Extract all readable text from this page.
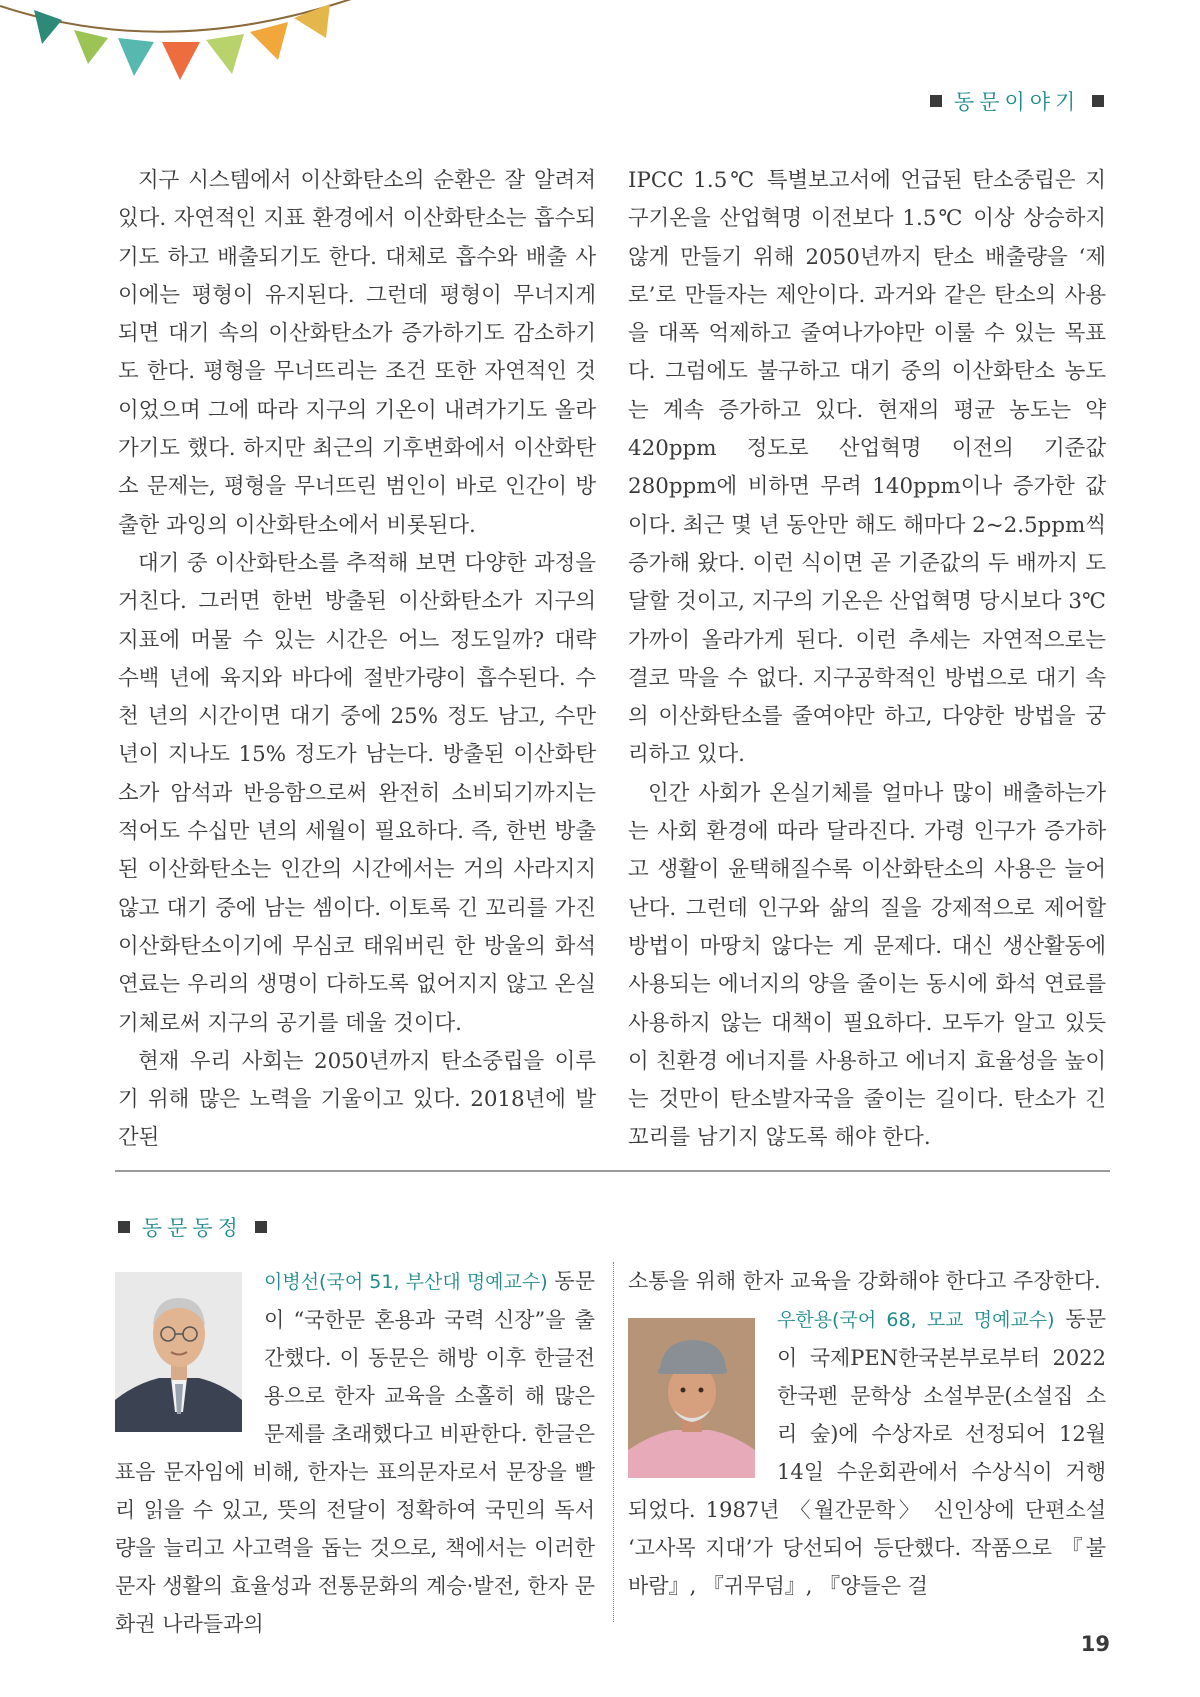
동문이야기

지구 시스템에서 이산화탄소의 순환은 잘 알려져 있다. 자연적인 지표 환경에서 이산화탄소는 흡수되기도 하고 배출되기도 한다. 대체로 흡수와 배출 사이에는 평형이 유지된다. 그런데 평형이 무너지게 되면 대기 속의 이산화탄소가 증가하기도 감소하기도 한다. 평형을 무너뜨리는 조건 또한 자연적인 것이었으며 그에 따라 지구의 기온이 내려가기도 올라가기도 했다. 하지만 최근의 기후변화에서 이산화탄소 문제는, 평형을 무너뜨린 범인이 바로 인간이 방출한 과잉의 이산화탄소에서 비롯된다.

대기 중 이산화탄소를 추적해 보면 다양한 과정을 거친다. 그러면 한번 방출된 이산화탄소가 지구의 지표에 머물 수 있는 시간은 어느 정도일까? 대략 수백 년에 육지와 바다에 절반가량이 흡수된다. 수천 년의 시간이면 대기 중에 25% 정도 남고, 수만 년이 지나도 15% 정도가 남는다. 방출된 이산화탄소가 암석과 반응함으로써 완전히 소비되기까지는 적어도 수십만 년의 세월이 필요하다. 즉, 한번 방출된 이산화탄소는 인간의 시간에서는 거의 사라지지 않고 대기 중에 남는 셈이다. 이토록 긴 꼬리를 가진 이산화탄소이기에 무심코 태워버린 한 방울의 화석연료는 우리의 생명이 다하도록 없어지지 않고 온실기체로써 지구의 공기를 데울 것이다.

현재 우리 사회는 2050년까지 탄소중립을 이루기 위해 많은 노력을 기울이고 있다. 2018년에 발간된

IPCC 1.5℃ 특별보고서에 언급된 탄소중립은 지구기온을 산업혁명 이전보다 1.5℃ 이상 상승하지 않게 만들기 위해 2050년까지 탄소 배출량을 ‘제로’로 만들자는 제안이다. 과거와 같은 탄소의 사용을 대폭 억제하고 줄여나가야만 이룰 수 있는 목표다. 그럼에도 불구하고 대기 중의 이산화탄소 농도는 계속 증가하고 있다. 현재의 평균 농도는 약 420ppm 정도로 산업혁명 이전의 기준값 280ppm에 비하면 무려 140ppm이나 증가한 값이다. 최근 몇 년 동안만 해도 해마다 2~2.5ppm씩 증가해 왔다. 이런 식이면 곧 기준값의 두 배까지 도달할 것이고, 지구의 기온은 산업혁명 당시보다 3℃ 가까이 올라가게 된다. 이런 추세는 자연적으로는 결코 막을 수 없다. 지구공학적인 방법으로 대기 속의 이산화탄소를 줄여야만 하고, 다양한 방법을 궁리하고 있다.

인간 사회가 온실기체를 얼마나 많이 배출하는가는 사회 환경에 따라 달라진다. 가령 인구가 증가하고 생활이 윤택해질수록 이산화탄소의 사용은 늘어난다. 그런데 인구와 삶의 질을 강제적으로 제어할 방법이 마땅치 않다는 게 문제다. 대신 생산활동에 사용되는 에너지의 양을 줄이는 동시에 화석 연료를 사용하지 않는 대책이 필요하다. 모두가 알고 있듯이 친환경 에너지를 사용하고 에너지 효율성을 높이는 것만이 탄소발자국을 줄이는 길이다. 탄소가 긴 꼬리를 남기지 않도록 해야 한다.

동문동정
이병선(국어 51, 부산대 명예교수) 동문이 “국한문 혼용과 국력 신장”을 출간했다. 이 동문은 해방 이후 한글전용으로 한자 교육을 소홀히 해 많은 문제를 초래했다고 비판한다. 한글은 표음 문자임에 비해, 한자는 표의문자로서 문장을 빨리 읽을 수 있고, 뜻의 전달이 정확하여 국민의 독서량을 늘리고 사고력을 돕는 것으로, 책에서는 이러한 문자 생활의 효율성과 전통문화의 계승·발전, 한자 문화권 나라들과의
소통을 위해 한자 교육을 강화해야 한다고 주장한다.
우한용(국어 68, 모교 명예교수) 동문이 국제PEN한국본부로부터 2022 한국펜 문학상 소설부문(소설집 소리 숲)에 수상자로 선정되어 12월 14일 수운회관에서 수상식이 거행되었다. 1987년 〈월간문학〉 신인상에 단편소설 ‘고사목 지대’가 당선되어 등단했다. 작품으로 『불바람』, 『귀무덤』, 『양들은 걸
19
